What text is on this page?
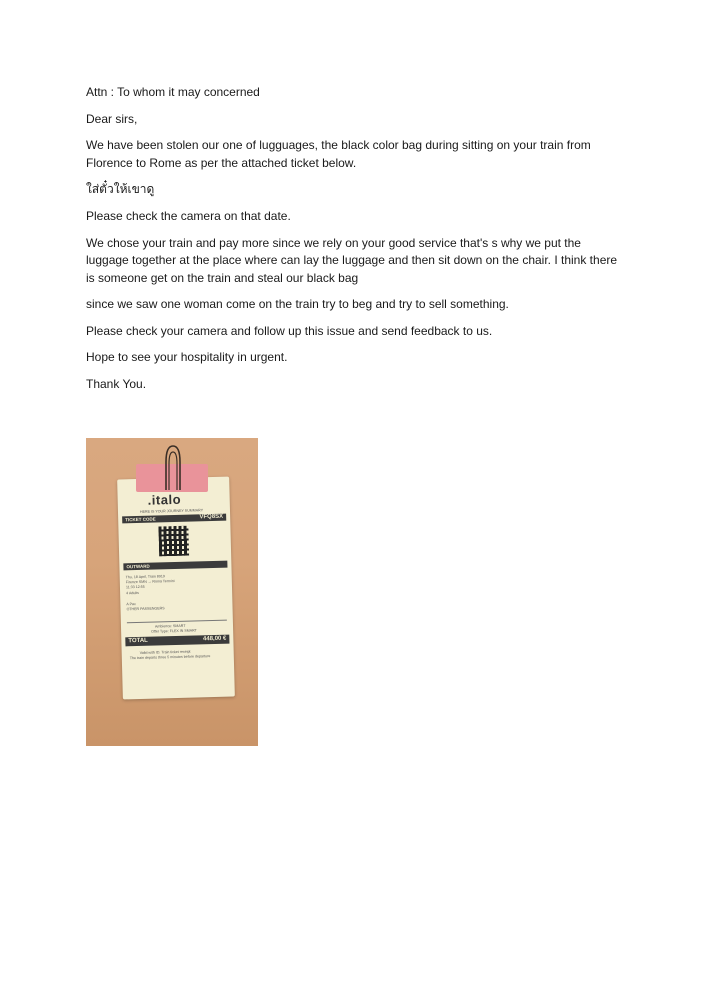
Attn : To whom it may concerned

Dear sirs,

We have been stolen our one of lugguages, the black color bag during sitting on your train from Florence to Rome as per the attached ticket below.

ใส่ตั๋วให้เขาดู

Please check the camera on that date.

We chose your train and pay more since we rely on your good service that's s why we put the luggage together at the place where can lay the luggage and then sit down on the chair. I think there is someone get on the train and steal our black bag

since we saw one woman come on the train try to beg and try to sell something.

Please check your camera and follow up this issue and send feedback to us.

Hope to see your hospitality in urgent.

Thank You.

.italo
HERE IS YOUR JOURNEY SUMMARY
TICKET CODE	VFQ8SX
OUTWARD
Thu, 18 April, Train 8919
Firenze SMN → Roma Termini
11:33 12:55
4 Adults
A Pax
OTHER PASSENGERS
Ambience: SMART
Offer Type: FLEX IN SMART
TOTAL	448,00 €
Valid with ID. Train ticket receipt
The train departs three 5 minutes before departure
